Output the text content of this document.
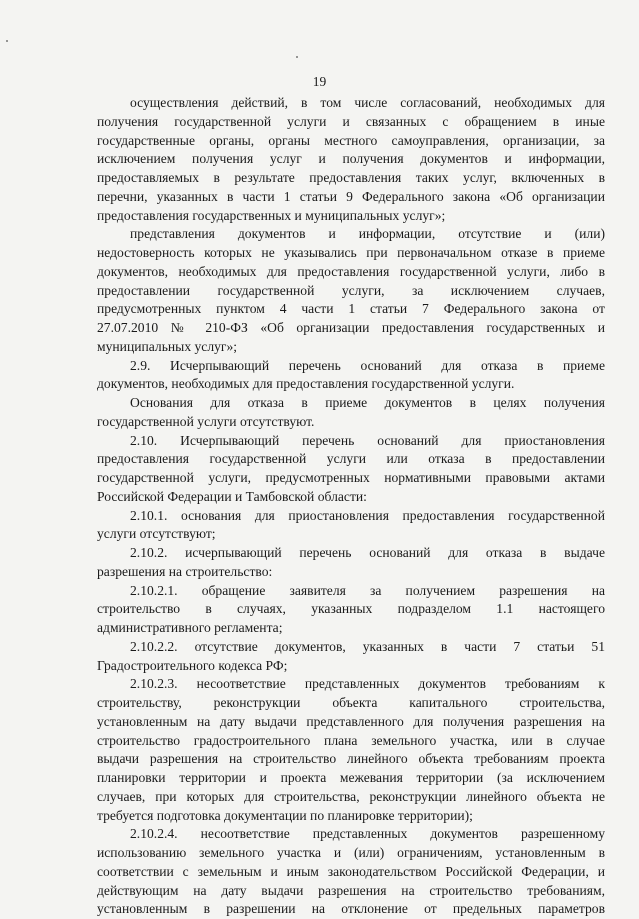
19
осуществления действий, в том числе согласований, необходимых для
получения государственной услуги и связанных с обращением в иные
государственные органы, органы местного самоуправления, организации, за
исключением получения услуг и получения документов и информации,
предоставляемых в результате предоставления таких услуг, включенных в
перечни, указанных в части 1 статьи 9 Федерального закона «Об организации
предоставления государственных и муниципальных услуг»;
представления документов и информации, отсутствие и (или)
недостоверность которых не указывались при первоначальном отказе в приеме
документов, необходимых для предоставления государственной услуги, либо в
предоставлении государственной услуги, за исключением случаев,
предусмотренных пунктом 4 части 1 статьи 7 Федерального закона от
27.07.2010 № 210-ФЗ «Об организации предоставления государственных и
муниципальных услуг»;
2.9. Исчерпывающий перечень оснований для отказа в приеме
документов, необходимых для предоставления государственной услуги.
Основания для отказа в приеме документов в целях получения
государственной услуги отсутствуют.
2.10. Исчерпывающий перечень оснований для приостановления
предоставления государственной услуги или отказа в предоставлении
государственной услуги, предусмотренных нормативными правовыми актами
Российской Федерации и Тамбовской области:
2.10.1. основания для приостановления предоставления государственной
услуги отсутствуют;
2.10.2. исчерпывающий перечень оснований для отказа в выдаче
разрешения на строительство:
2.10.2.1. обращение заявителя за получением разрешения на
строительство в случаях, указанных подразделом 1.1 настоящего
административного регламента;
2.10.2.2. отсутствие документов, указанных в части 7 статьи 51
Градостроительного кодекса РФ;
2.10.2.3. несоответствие представленных документов требованиям к
строительству, реконструкции объекта капитального строительства,
установленным на дату выдачи представленного для получения разрешения на
строительство градостроительного плана земельного участка, или в случае
выдачи разрешения на строительство линейного объекта требованиям проекта
планировки территории и проекта межевания территории (за исключением
случаев, при которых для строительства, реконструкции линейного объекта не
требуется подготовка документации по планировке территории);
2.10.2.4. несоответствие представленных документов разрешенному
использованию земельного участка и (или) ограничениям, установленным в
соответствии с земельным и иным законодательством Российской Федерации, и
действующим на дату выдачи разрешения на строительство требованиям,
установленным в разрешении на отклонение от предельных параметров
